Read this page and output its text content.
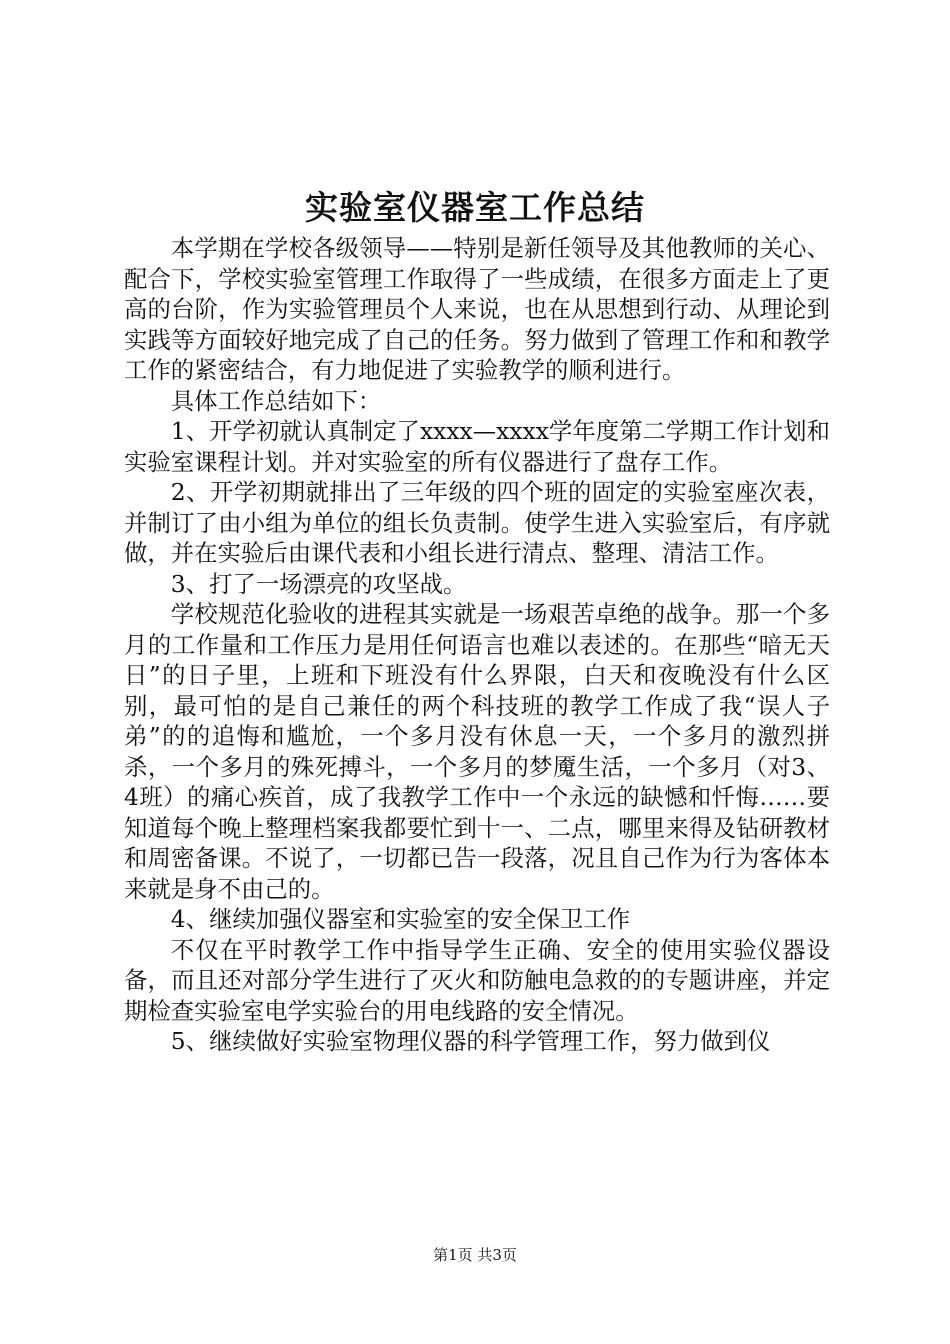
实验室仪器室工作总结

本学期在学校各级领导——特别是新任领导及其他教师的关心、配合下，学校实验室管理工作取得了一些成绩，在很多方面走上了更高的台阶，作为实验管理员个人来说，也在从思想到行动、从理论到实践等方面较好地完成了自己的任务。努力做到了管理工作和和教学工作的紧密结合，有力地促进了实验教学的顺利进行。

具体工作总结如下：

1、开学初就认真制定了xxxx—xxxx学年度第二学期工作计划和实验室课程计划。并对实验室的所有仪器进行了盘存工作。

2、开学初期就排出了三年级的四个班的固定的实验室座次表，并制订了由小组为单位的组长负责制。使学生进入实验室后，有序就做，并在实验后由课代表和小组长进行清点、整理、清洁工作。

3、打了一场漂亮的攻坚战。

学校规范化验收的进程其实就是一场艰苦卓绝的战争。那一个多月的工作量和工作压力是用任何语言也难以表述的。在那些“暗无天日”的日子里，上班和下班没有什么界限，白天和夜晚没有什么区别，最可怕的是自己兼任的两个科技班的教学工作成了我“误人子弟”的的追悔和尴尬，一个多月没有休息一天，一个多月的激烈拼杀，一个多月的殊死搏斗，一个多月的梦魇生活，一个多月（对3、4班）的痛心疾首，成了我教学工作中一个永远的缺憾和忏悔……要知道每个晚上整理档案我都要忙到十一、二点，哪里来得及钻研教材和周密备课。不说了，一切都已告一段落，况且自己作为行为客体本来就是身不由己的。

4、继续加强仪器室和实验室的安全保卫工作

不仅在平时教学工作中指导学生正确、安全的使用实验仪器设备，而且还对部分学生进行了灭火和防触电急救的的专题讲座，并定期检查实验室电学实验台的用电线路的安全情况。

5、继续做好实验室物理仪器的科学管理工作，努力做到仪

第1页 共3页
